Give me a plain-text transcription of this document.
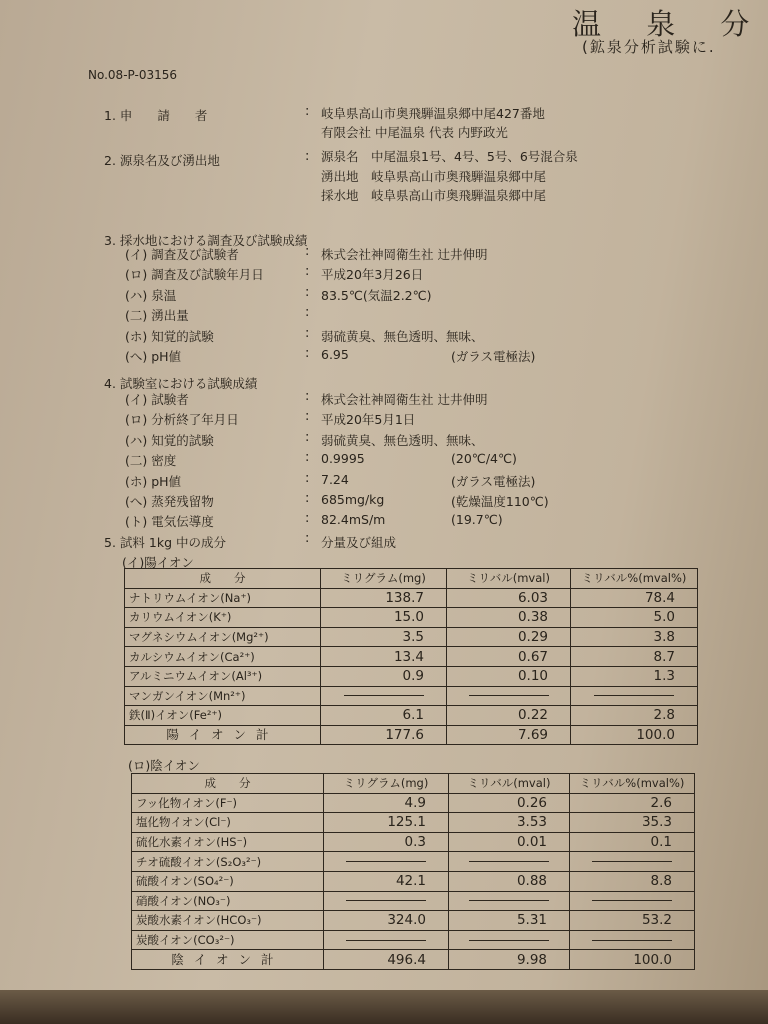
温 泉 分
(鉱泉分析試験に.
No.08-P-03156
1. 申　　請　　者	: 岐阜県高山市奥飛騨温泉郷中尾427番地
有限会社 中尾温泉 代表 内野政光
2. 源泉名及び湧出地	: 源泉名　中尾温泉1号、4号、5号、6号混合泉
湧出地　岐阜県高山市奥飛騨温泉郷中尾
採水地　岐阜県高山市奥飛騨温泉郷中尾
3. 採水地における調査及び試験成績
(イ) 調査及び試験者	: 株式会社神岡衛生社 辻井伸明
(ロ) 調査及び試験年月日	: 平成20年3月26日
(ハ) 泉温	: 83.5℃(気温2.2℃)
(二) 湧出量	:
(ホ) 知覚的試験	: 弱硫黄臭、無色透明、無味、
(へ) pH値	: 6.95	(ガラス電極法)
4. 試験室における試験成績
(イ) 試験者	: 株式会社神岡衛生社 辻井伸明
(ロ) 分析終了年月日	: 平成20年5月1日
(ハ) 知覚的試験	: 弱硫黄臭、無色透明、無味、
(二) 密度	: 0.9995	(20℃/4℃)
(ホ) pH値	: 7.24	(ガラス電極法)
(へ) 蒸発残留物	: 685mg/kg	(乾燥温度110℃)
(ト) 電気伝導度	: 82.4mS/m	(19.7℃)
5. 試料 1kg 中の成分	: 分量及び組成
(イ)陽イオン
成　　分	ミリグラム(mg)	ミリバル(mval)	ミリバル%(mval%)
ナトリウムイオン(Na⁺)	138.7	6.03	78.4
カリウムイオン(K⁺)	15.0	0.38	5.0
マグネシウムイオン(Mg²⁺)	3.5	0.29	3.8
カルシウムイオン(Ca²⁺)	13.4	0.67	8.7
アルミニウムイオン(Al³⁺)	0.9	0.10	1.3
マンガンイオン(Mn²⁺)			
鉄(Ⅱ)イオン(Fe²⁺)	6.1	0.22	2.8
陽イオン計	177.6	7.69	100.0
(ロ)陰イオン
成　　分	ミリグラム(mg)	ミリバル(mval)	ミリバル%(mval%)
フッ化物イオン(F⁻)	4.9	0.26	2.6
塩化物イオン(Cl⁻)	125.1	3.53	35.3
硫化水素イオン(HS⁻)	0.3	0.01	0.1
チオ硫酸イオン(S₂O₃²⁻)			
硫酸イオン(SO₄²⁻)	42.1	0.88	8.8
硝酸イオン(NO₃⁻)			
炭酸水素イオン(HCO₃⁻)	324.0	5.31	53.2
炭酸イオン(CO₃²⁻)			
陰イオン計	496.4	9.98	100.0
